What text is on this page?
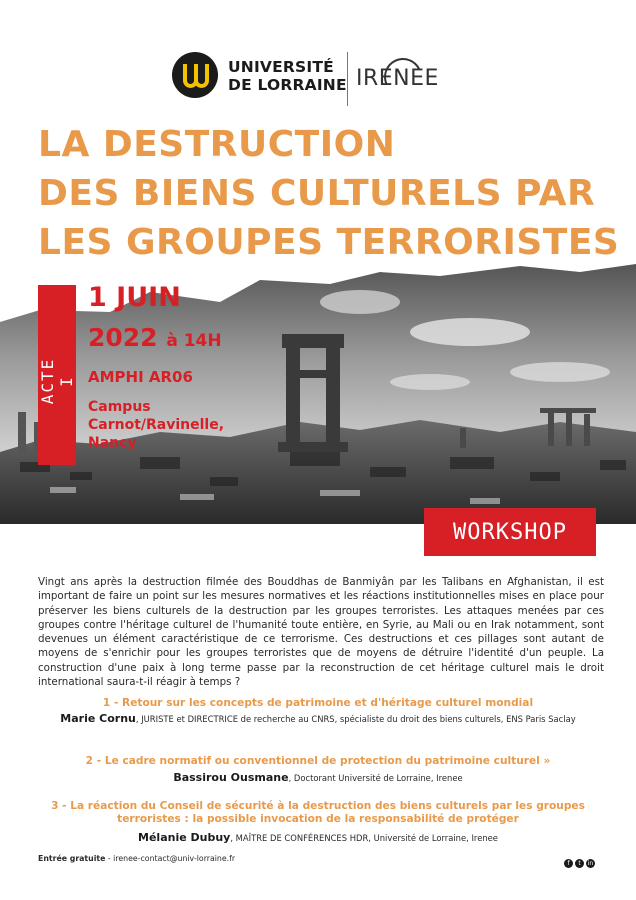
UNIVERSITÉ
DE LORRAINE IRENEE
LA DESTRUCTION
DES BIENS CULTURELS PAR
LES GROUPES TERRORISTES
ACTE I
1 JUIN
2022 à 14H
AMPHI AR06
Campus Carnot/Ravinelle, Nancy
WORKSHOP
Vingt ans après la destruction filmée des Bouddhas de Banmiyân par les Talibans en Afghanistan, il est important de faire un point sur les mesures normatives et les réactions institutionnelles mises en place pour préserver les biens culturels de la destruction par les groupes terroristes. Les attaques menées par ces groupes contre l'héritage culturel de l'humanité toute entière, en Syrie, au Mali ou en Irak notamment, sont devenues un élément caractéristique de ce terrorisme. Ces destructions et ces pillages sont autant de moyens de s'enrichir pour les groupes terroristes que de moyens de détruire l'identité d'un peuple. La construction d'une paix à long terme passe par la reconstruction de cet héritage culturel mais le droit international saura-t-il réagir à temps ?
1 - Retour sur les concepts de patrimoine et d'héritage culturel mondial
Marie Cornu, JURISTE et DIRECTRICE de recherche au CNRS, spécialiste du droit des biens culturels, ENS Paris Saclay
2 - Le cadre normatif ou conventionnel de protection du patrimoine culturel »
Bassirou Ousmane, Doctorant Université de Lorraine, Irenee
3 - La réaction du Conseil de sécurité à la destruction des biens culturels par les groupes terroristes : la possible invocation de la responsabilité de protéger
Mélanie Dubuy, MAÎTRE DE CONFÉRENCES HDR, Université de Lorraine, Irenee
Entrée gratuite - irenee-contact@univ-lorraine.fr
f t in
